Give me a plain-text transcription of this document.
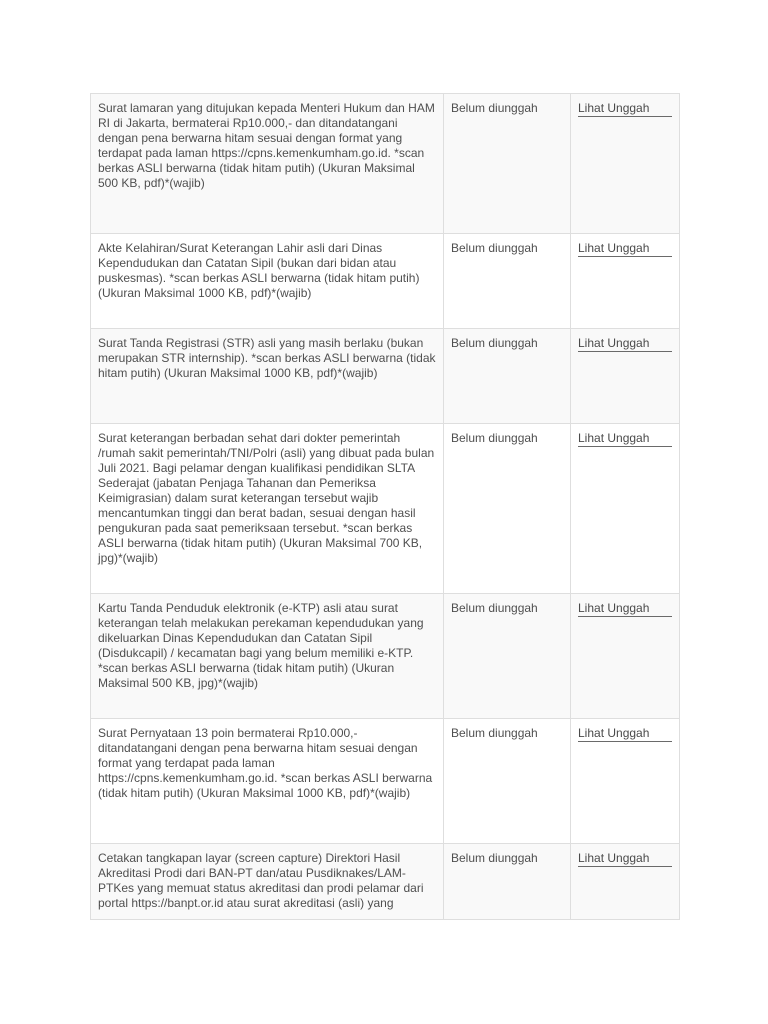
Surat lamaran yang ditujukan kepada Menteri Hukum dan HAM RI di Jakarta, bermaterai Rp10.000,- dan ditandatangani dengan pena berwarna hitam sesuai dengan format yang terdapat pada laman https://cpns.kemenkumham.go.id. *scan berkas ASLI berwarna (tidak hitam putih) (Ukuran Maksimal 500 KB, pdf)*(wajib)	Belum diunggah	Lihat Unggah

Akte Kelahiran/Surat Keterangan Lahir asli dari Dinas Kependudukan dan Catatan Sipil (bukan dari bidan atau puskesmas). *scan berkas ASLI berwarna (tidak hitam putih) (Ukuran Maksimal 1000 KB, pdf)*(wajib)	Belum diunggah	Lihat Unggah

Surat Tanda Registrasi (STR) asli yang masih berlaku (bukan merupakan STR internship). *scan berkas ASLI berwarna (tidak hitam putih) (Ukuran Maksimal 1000 KB, pdf)*(wajib)	Belum diunggah	Lihat Unggah

Surat keterangan berbadan sehat dari dokter pemerintah /rumah sakit pemerintah/TNI/Polri (asli) yang dibuat pada bulan Juli 2021. Bagi pelamar dengan kualifikasi pendidikan SLTA Sederajat (jabatan Penjaga Tahanan dan Pemeriksa Keimigrasian) dalam surat keterangan tersebut wajib mencantumkan tinggi dan berat badan, sesuai dengan hasil pengukuran pada saat pemeriksaan tersebut. *scan berkas ASLI berwarna (tidak hitam putih) (Ukuran Maksimal 700 KB, jpg)*(wajib)	Belum diunggah	Lihat Unggah

Kartu Tanda Penduduk elektronik (e-KTP) asli atau surat keterangan telah melakukan perekaman kependudukan yang dikeluarkan Dinas Kependudukan dan Catatan Sipil (Disdukcapil) / kecamatan bagi yang belum memiliki e-KTP. *scan berkas ASLI berwarna (tidak hitam putih) (Ukuran Maksimal 500 KB, jpg)*(wajib)	Belum diunggah	Lihat Unggah

Surat Pernyataan 13 poin bermaterai Rp10.000,- ditandatangani dengan pena berwarna hitam sesuai dengan format yang terdapat pada laman https://cpns.kemenkumham.go.id. *scan berkas ASLI berwarna (tidak hitam putih) (Ukuran Maksimal 1000 KB, pdf)*(wajib)	Belum diunggah	Lihat Unggah

Cetakan tangkapan layar (screen capture) Direktori Hasil Akreditasi Prodi dari BAN-PT dan/atau Pusdiknakes/LAM-PTKes yang memuat status akreditasi dan prodi pelamar dari portal https://banpt.or.id atau surat akreditasi (asli) yang	Belum diunggah	Lihat Unggah
